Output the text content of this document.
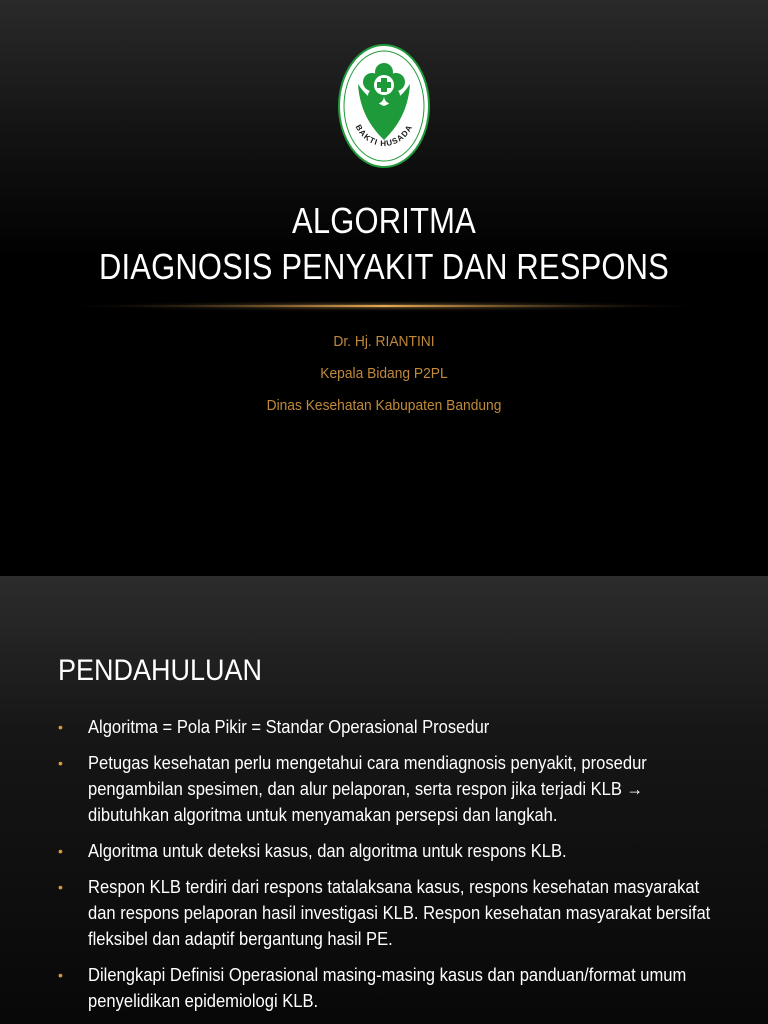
BAKTI HUSADA
ALGORITMA
DIAGNOSIS PENYAKIT DAN RESPONS
Dr. Hj. RIANTINI
Kepala Bidang P2PL
Dinas Kesehatan Kabupaten Bandung
PENDAHULUAN
• Algoritma = Pola Pikir = Standar Operasional Prosedur
• Petugas kesehatan perlu mengetahui cara mendiagnosis penyakit, prosedur pengambilan spesimen, dan alur pelaporan, serta respon jika terjadi KLB → dibutuhkan algoritma untuk menyamakan persepsi dan langkah.
• Algoritma untuk deteksi kasus, dan algoritma untuk respons KLB.
• Respon KLB terdiri dari respons tatalaksana kasus, respons kesehatan masyarakat dan respons pelaporan hasil investigasi KLB. Respon kesehatan masyarakat bersifat fleksibel dan adaptif bergantung hasil PE.
• Dilengkapi Definisi Operasional masing-masing kasus dan panduan/format umum penyelidikan epidemiologi KLB.
